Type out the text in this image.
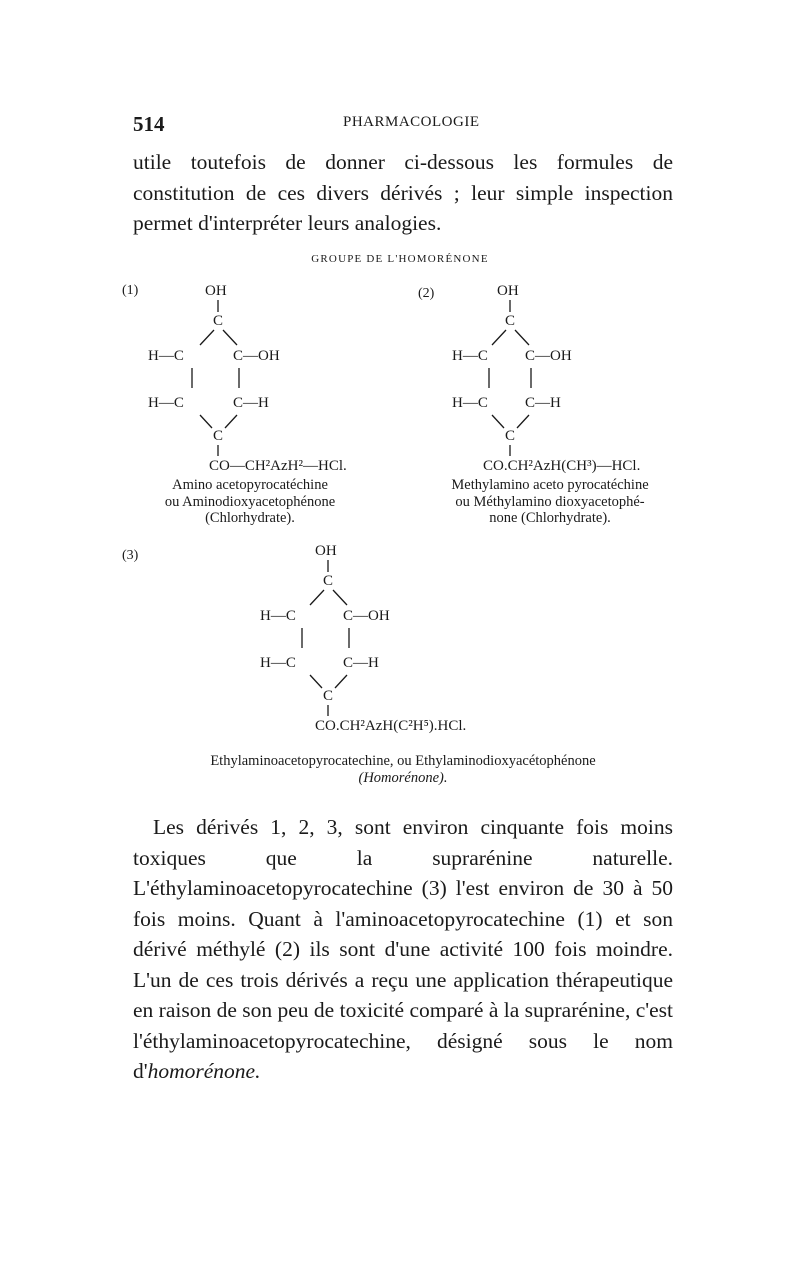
514	PHARMACOLOGIE

utile toutefois de donner ci-dessous les formules de constitution de ces divers dérivés ; leur simple inspection permet d'interpréter leurs analogies.

GROUPE DE L'HOMORÉNONE
(1)	OH
C
H—C	C—OH
H—C	C—H
C
CO—CH²AzH²—HCl.

Amino acetopyrocatéchine

ou Aminodioxyacetophénone

(Chlorhydrate).

(2)	OH
C
H—C C—OH
H—C C—H
C
CO.CH²AzH(CH³)—HCl.

Methylamino aceto pyrocatéchine

ou Méthylamino dioxyacetophé-

none (Chlorhydrate).

(3)	OH
C
H—C	C—OH
H—C	C—H
C
CO.CH²AzH(C²H⁵).HCl.

Ethylaminoacetopyrocatechine, ou Ethylaminodioxyacétophénone

(Homorénone).

Les dérivés 1, 2, 3, sont environ cinquante fois moins toxiques que la suprarénine naturelle. L'éthylaminoacetopyrocatechine (3) l'est environ de 30 à 50 fois moins. Quant à l'aminoacetopyrocatechine (1) et son dérivé méthylé (2) ils sont d'une activité 100 fois moindre. L'un de ces trois dérivés a reçu une application thérapeutique en raison de son peu de toxicité comparé à la suprarénine, c'est l'éthylaminoacetopyrocatechine, désigné sous le nom d'homorénone.
